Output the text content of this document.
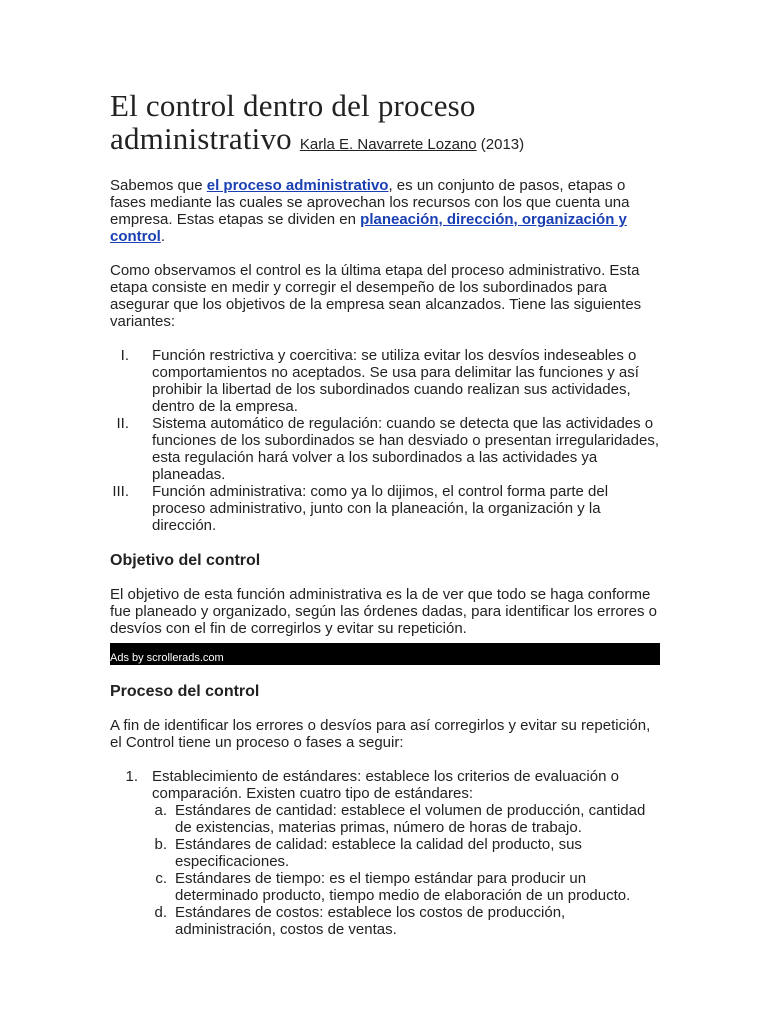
El control dentro del proceso administrativo Karla E. Navarrete Lozano (2013)

Sabemos que el proceso administrativo, es un conjunto de pasos, etapas o fases mediante las cuales se aprovechan los recursos con los que cuenta una empresa. Estas etapas se dividen en planeación, dirección, organización y control.

Como observamos el control es la última etapa del proceso administrativo. Esta etapa consiste en medir y corregir el desempeño de los subordinados para asegurar que los objetivos de la empresa sean alcanzados. Tiene las siguientes variantes:

I. Función restrictiva y coercitiva: se utiliza evitar los desvíos indeseables o comportamientos no aceptados. Se usa para delimitar las funciones y así prohibir la libertad de los subordinados cuando realizan sus actividades, dentro de la empresa.
II. Sistema automático de regulación: cuando se detecta que las actividades o funciones de los subordinados se han desviado o presentan irregularidades, esta regulación hará volver a los subordinados a las actividades ya planeadas.
III. Función administrativa: como ya lo dijimos, el control forma parte del proceso administrativo, junto con la planeación, la organización y la dirección.
Objetivo del control

El objetivo de esta función administrativa es la de ver que todo se haga conforme fue planeado y organizado, según las órdenes dadas, para identificar los errores o desvíos con el fin de corregirlos y evitar su repetición.

Ads by scrollerads.com
Proceso del control

A fin de identificar los errores o desvíos para así corregirlos y evitar su repetición, el Control tiene un proceso o fases a seguir:

1. Establecimiento de estándares: establece los criterios de evaluación o comparación. Existen cuatro tipo de estándares:
a. Estándares de cantidad: establece el volumen de producción, cantidad de existencias, materias primas, número de horas de trabajo.
b. Estándares de calidad: establece la calidad del producto, sus especificaciones.
c. Estándares de tiempo: es el tiempo estándar para producir un determinado producto, tiempo medio de elaboración de un producto.
d. Estándares de costos: establece los costos de producción, administración, costos de ventas.
